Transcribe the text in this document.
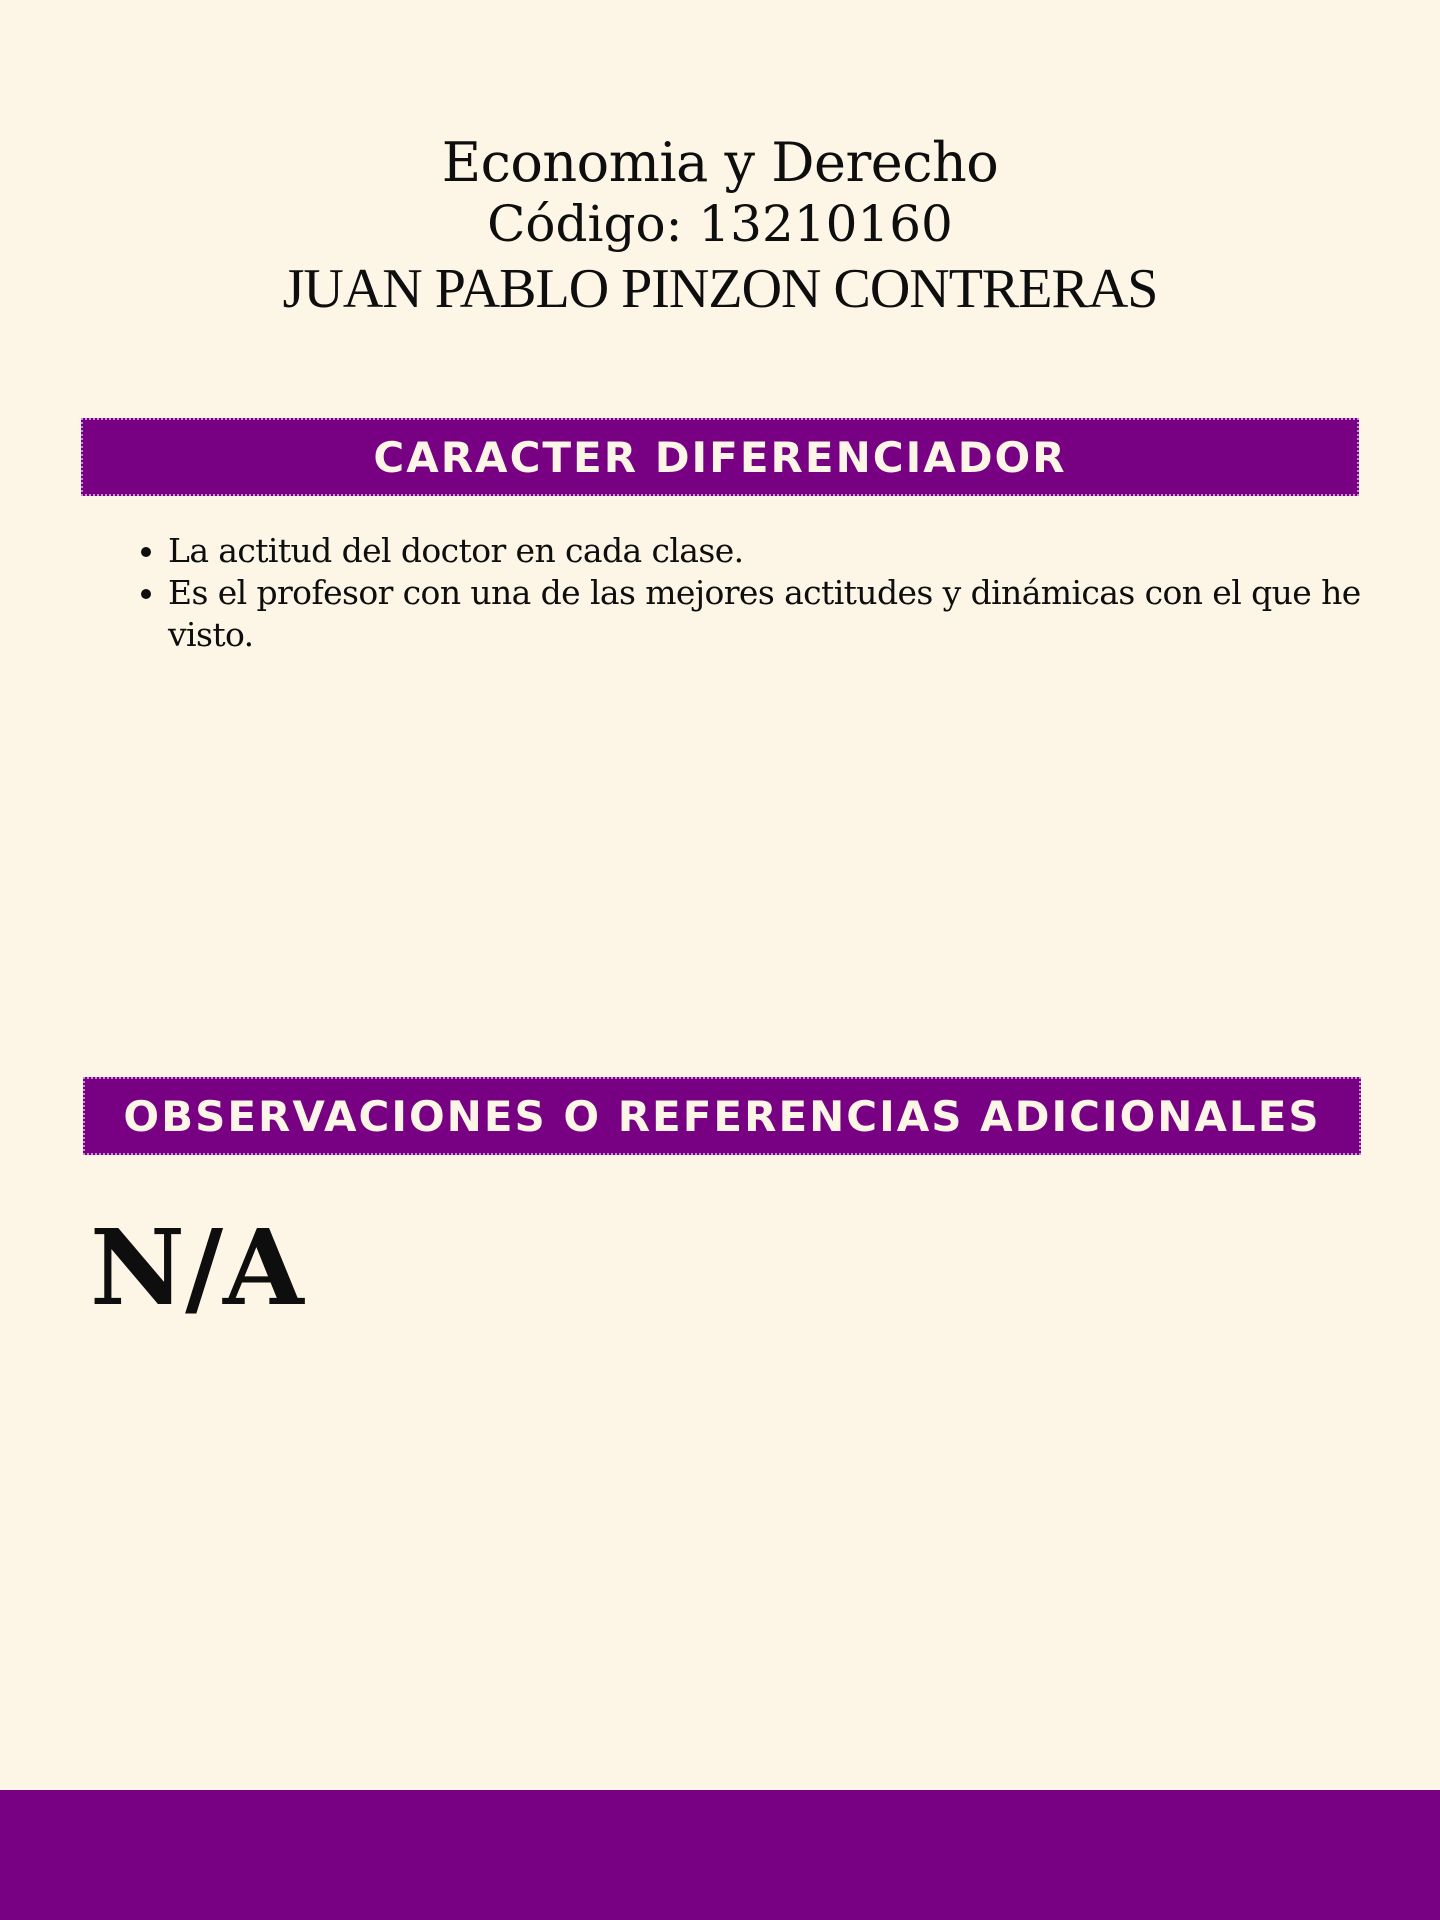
Economia y Derecho

Código: 13210160

JUAN PABLO PINZON CONTRERAS

CARACTER DIFERENCIADOR
• La actitud del doctor en cada clase.
• Es el profesor con una de las mejores actitudes y dinámicas con el que he visto.
OBSERVACIONES O REFERENCIAS ADICIONALES

N/A
